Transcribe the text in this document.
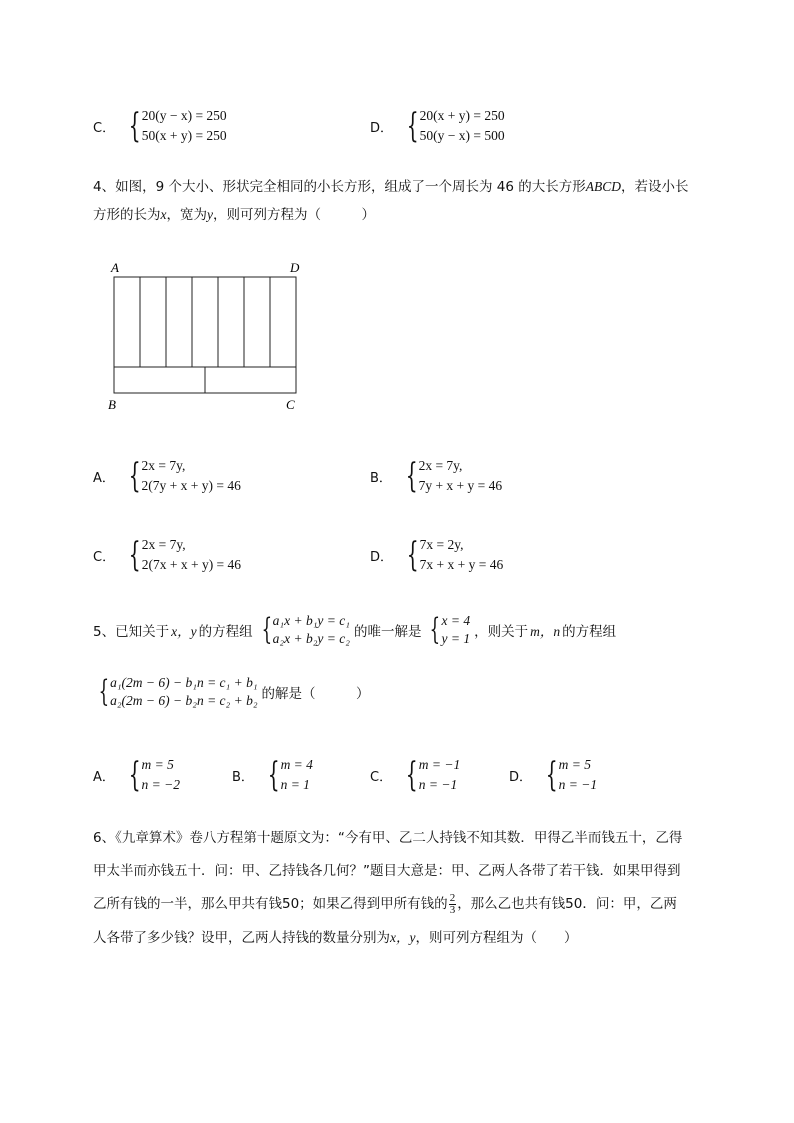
C． { 20(y − x) = 250
50(x + y) = 250	D． { 20(x + y) = 250
50(y − x) = 500
4、如图，9 个大小、形状完全相同的小长方形，组成了一个周长为 46 的大长方形ABCD，若设小长
方形的长为x，宽为y，则可列方程为（　　　）
A	D
B	C
A． { 2x = 7y,
2(7y + x + y) = 46	B． { 2x = 7y,
7y + x + y = 46
C． { 2x = 7y,
2(7x + x + y) = 46	D． { 7x = 2y,
7x + x + y = 46
5、已知关于 x，y 的方程组 { a₁x + b₁y = c₁
a₂x + b₂y = c₂ 的唯一解是 { x = 4
y = 1 ，则关于 m，n 的方程组
{ a₁(2m − 6) − b₁n = c₁ + b₁
a₂(2m − 6) − b₂n = c₂ + b₂ 的解是（　　　）
A． { m = 5
n = −2	B． { m = 4
n = 1	C． { m = −1
n = −1	D． { m = 5
n = −1
6、《九章算术》卷八方程第十题原文为：“今有甲、乙二人持钱不知其数．甲得乙半而钱五十，乙得
甲太半而亦钱五十．问：甲、乙持钱各几何？”题目大意是：甲、乙两人各带了若干钱．如果甲得到
乙所有钱的一半，那么甲共有钱50；如果乙得到甲所有钱的 $\frac{2}{3}$ ，那么乙也共有钱50．问：甲，乙两
人各带了多少钱？设甲，乙两人持钱的数量分别为x，y，则可列方程组为（　　）
